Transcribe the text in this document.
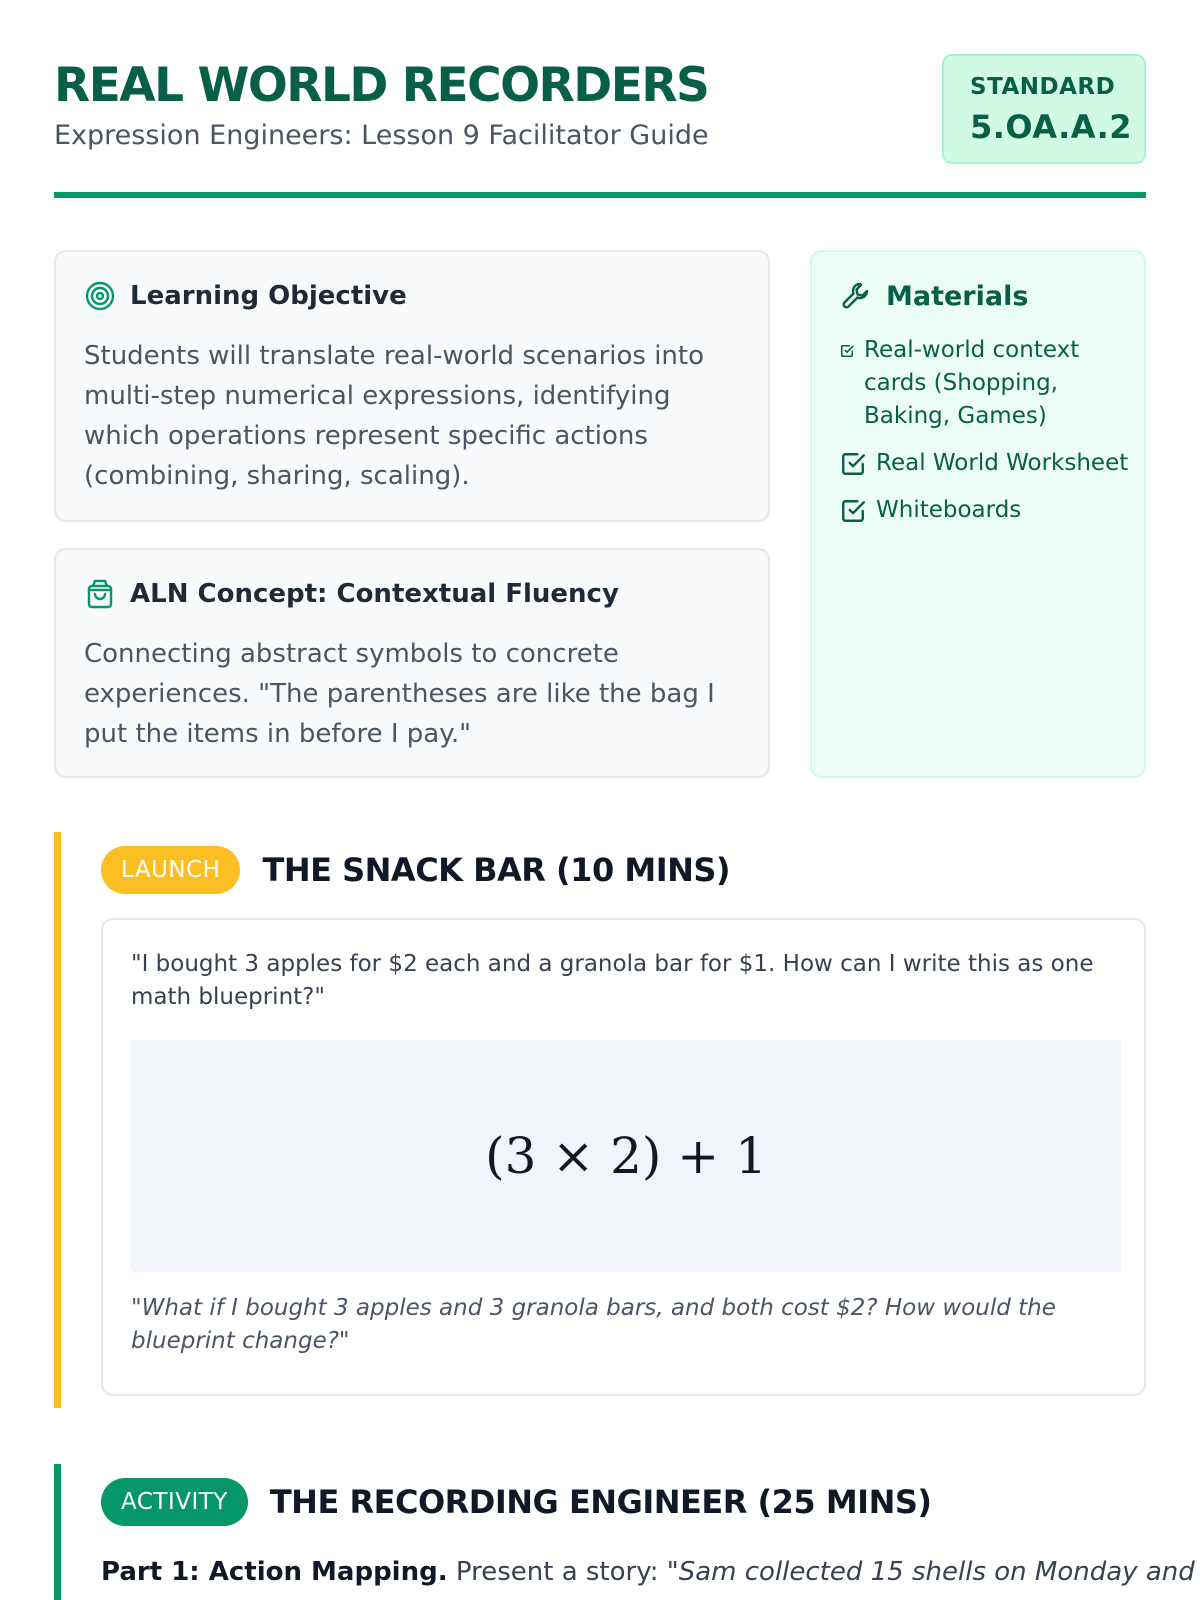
REAL WORLD RECORDERS
Expression Engineers: Lesson 9 Facilitator Guide
STANDARD
5.OA.A.2
Learning Objective

Students will translate real-world scenarios into multi-step numerical expressions, identifying which operations represent specific actions (combining, sharing, scaling).

ALN Concept: Contextual Fluency

Connecting abstract symbols to concrete experiences. "The parentheses are like the bag I put the items in before I pay."

Materials
Real-world context cards (Shopping, Baking, Games)
Real World Worksheet
Whiteboards
LAUNCH	THE SNACK BAR (10 MINS)

"I bought 3 apples for $2 each and a granola bar for $1. How can I write this as one math blueprint?"

(3 × 2) + 1

"What if I bought 3 apples and 3 granola bars, and both cost $2? How would the blueprint change?"

ACTIVITY	THE RECORDING ENGINEER (25 MINS)

Part 1: Action Mapping. Present a story: "Sam collected 15 shells on Monday and
